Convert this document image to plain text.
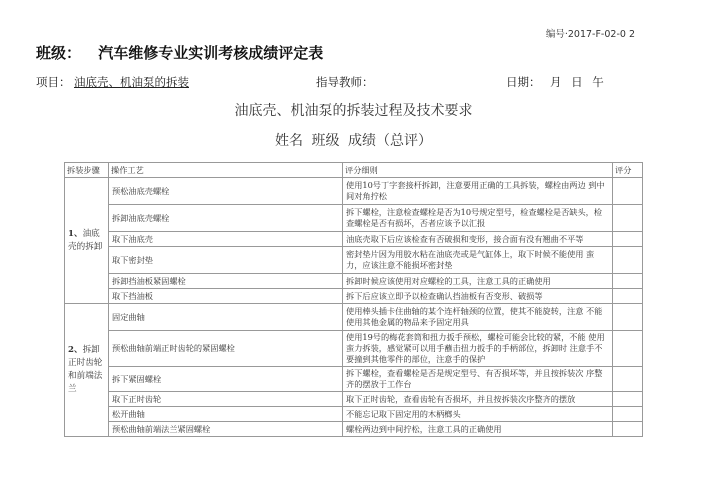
编号·2017-F-02-0 2
班级： 汽车维修专业实训考核成绩评定表
项目： 油底壳、机油泵的拆装	指导教师：	日期： 月 日 午
油底壳、机油泵的拆装过程及技术要求
姓名 班级 成绩（总评）
拆装步骤	操作工艺	评分细则	评分
1、油底壳的拆卸	预松油底壳螺栓	使用10号丁字套接杆拆卸，注意要用正确的工具拆装，螺栓由两边 到中间对角拧松	
	拆卸油底壳螺栓	拆下螺栓，注意检查螺栓是否为10号规定型号，检查螺栓是否缺头，检查螺栓是否有损坏，否者应该予以汇报	
	取下油底壳	油底壳取下后应该检查有否破损和变形，接合面有没有翘曲不平等	
	取下密封垫	密封垫片因为用胶水粘在油底壳或是气缸体上，取下时候不能使用 蛮力，应该注意不能损坏密封垫	
	拆卸挡油板紧固螺栓	拆卸时候应该使用对应螺栓的工具，注意工具的正确使用	
	取下挡油板	拆下后应该立即予以检查确认挡油板有否变形、破损等	
2、拆卸正时齿轮和前端法兰	固定曲轴	使用棒头插卡住曲轴的某个连杆轴颈的位置，使其不能旋转，注意 不能使用其他金属的物品来予固定用具	
	预松曲轴前端正时齿轮的紧固螺栓	使用19号的梅花套筒和扭力扳手预松，螺栓可能会比较的紧，不能 使用蛮力拆装，感觉紧可以用手蘸击扭力扳手的手柄部位，拆卸时 注意手不要撞到其他零件的部位，注意手的保护	
	拆下紧固螺栓	拆下螺栓，查看螺栓是否是规定型号、有否损坏等，并且按拆装次 序整齐的摆放于工作台	
	取下正时齿轮	取下正时齿轮，查看齿轮有否损坏，并且按拆装次序整齐的摆放	
	松开曲轴	不能忘记取下固定用的木柄榔头	
	预松曲轴前端法兰紧固螺栓	螺栓两边到中间拧松，注意工具的正确使用	
